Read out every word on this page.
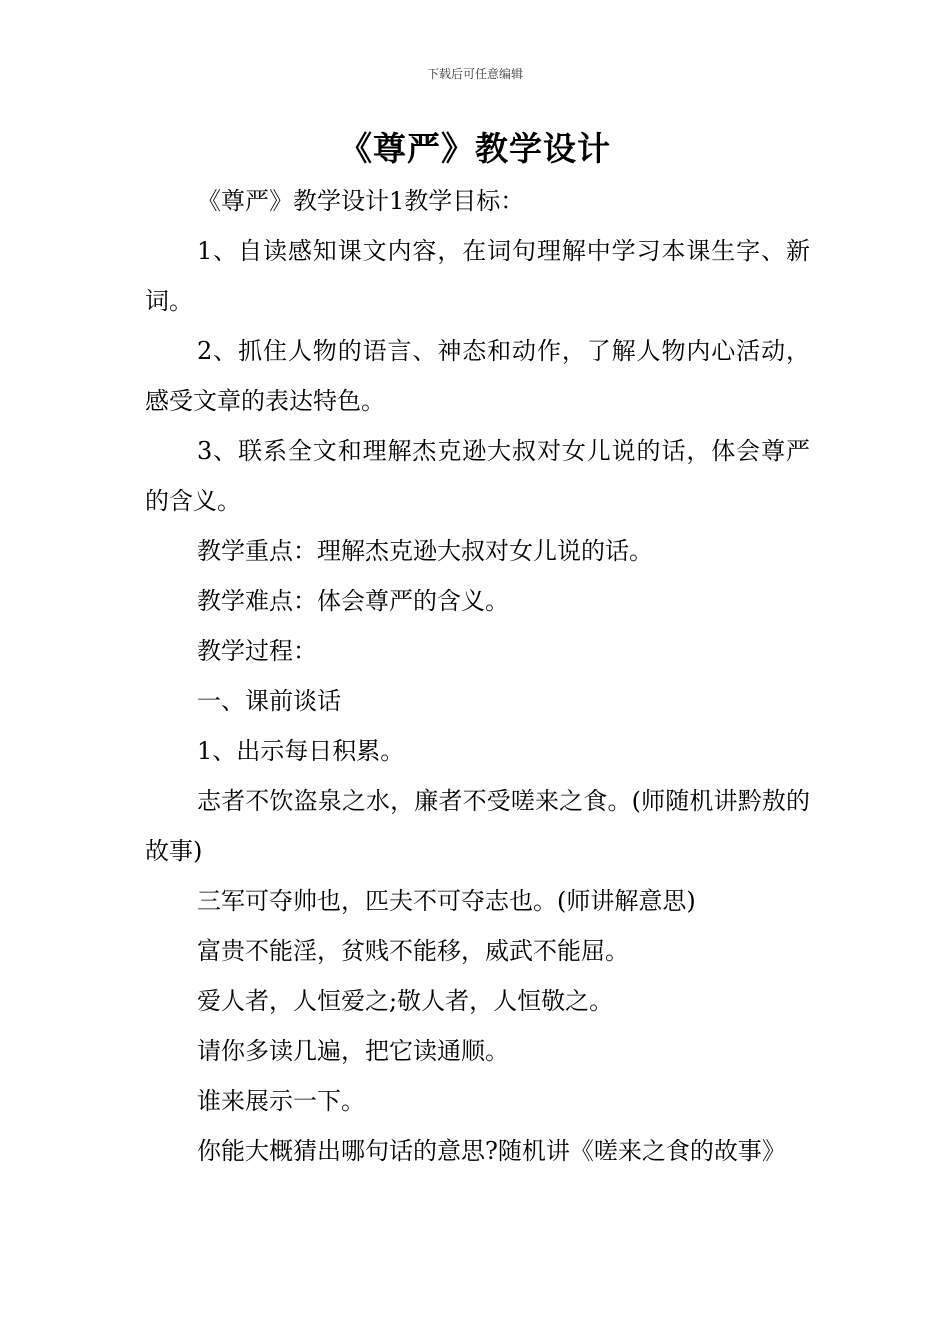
下载后可任意编辑
《尊严》教学设计

《尊严》教学设计1教学目标：

1、自读感知课文内容，在词句理解中学习本课生字、新词。

2、抓住人物的语言、神态和动作，了解人物内心活动，感受文章的表达特色。

3、联系全文和理解杰克逊大叔对女儿说的话，体会尊严的含义。

教学重点：理解杰克逊大叔对女儿说的话。

教学难点：体会尊严的含义。

教学过程：

一、课前谈话

1、出示每日积累。

志者不饮盗泉之水，廉者不受嗟来之食。(师随机讲黔敖的故事)

三军可夺帅也，匹夫不可夺志也。(师讲解意思)

富贵不能淫，贫贱不能移，威武不能屈。

爱人者，人恒爱之;敬人者，人恒敬之。

请你多读几遍，把它读通顺。

谁来展示一下。

你能大概猜出哪句话的意思?随机讲《嗟来之食的故事》
